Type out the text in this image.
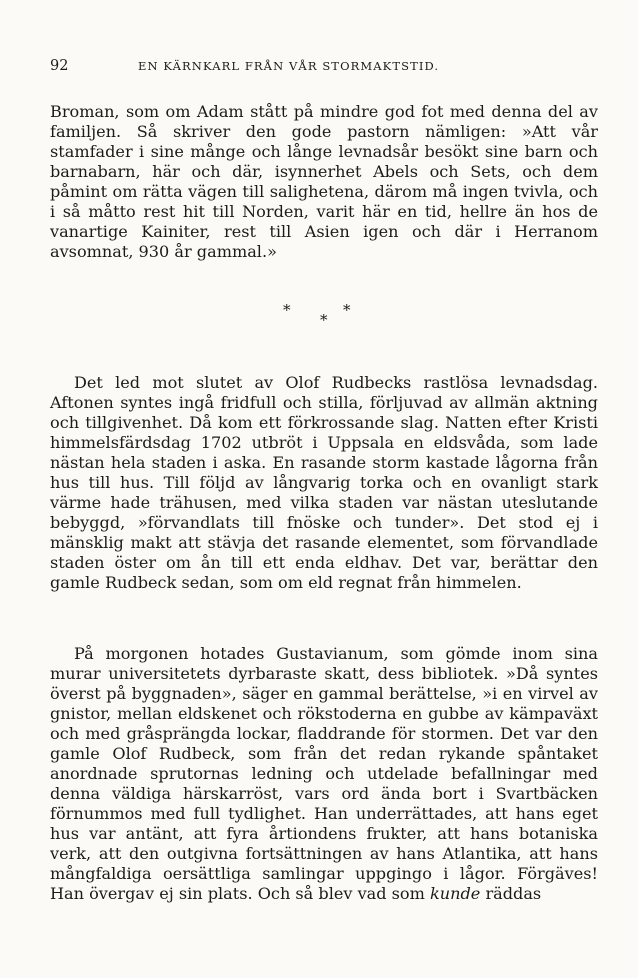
92	EN KÄRNKARL FRÅN VÅR STORMAKTSTID.

Broman, som om Adam stått på mindre god fot med denna del av familjen. Så skriver den gode pastorn nämligen: »Att vår stamfader i sine månge och långe levnadsår besökt sine barn och barnabarn, här och där, isynnerhet Abels och Sets, och dem påmint om rätta vägen till salighetena, därom må ingen tvivla, och i så måtto rest hit till Norden, varit här en tid, hellre än hos de vanartige Kainiter, rest till Asien igen och där i Herranom avsomnat, 930 år gammal.»

*
*
*

Det led mot slutet av Olof Rudbecks rastlösa levnadsdag. Aftonen syntes ingå fridfull och stilla, förljuvad av allmän aktning och tillgivenhet. Då kom ett förkrossande slag. Natten efter Kristi himmelsfärdsdag 1702 utbröt i Uppsala en eldsvåda, som lade nästan hela staden i aska. En rasande storm kastade lågorna från hus till hus. Till följd av långvarig torka och en ovanligt stark värme hade trähusen, med vilka staden var nästan uteslutande bebyggd, »förvandlats till fnöske och tunder». Det stod ej i mänsklig makt att stävja det rasande elementet, som förvandlade staden öster om ån till ett enda eldhav. Det var, berättar den gamle Rudbeck sedan, som om eld regnat från himmelen.

På morgonen hotades Gustavianum, som gömde inom sina murar universitetets dyrbaraste skatt, dess bibliotek. »Då syntes överst på byggnaden», säger en gammal berättelse, »i en virvel av gnistor, mellan eldskenet och rökstoderna en gubbe av kämpaväxt och med gråsprängda lockar, fladdrande för stormen. Det var den gamle Olof Rudbeck, som från det redan rykande spåntaket anordnade sprutornas ledning och utdelade befallningar med denna väldiga härskarröst, vars ord ända bort i Svartbäcken förnummos med full tydlighet. Han underrättades, att hans eget hus var antänt, att fyra årtiondens frukter, att hans botaniska verk, att den outgivna fortsättningen av hans Atlantika, att hans mångfaldiga oersättliga samlingar uppgingo i lågor. Förgäves! Han övergav ej sin plats. Och så blev vad som kunde räddas
